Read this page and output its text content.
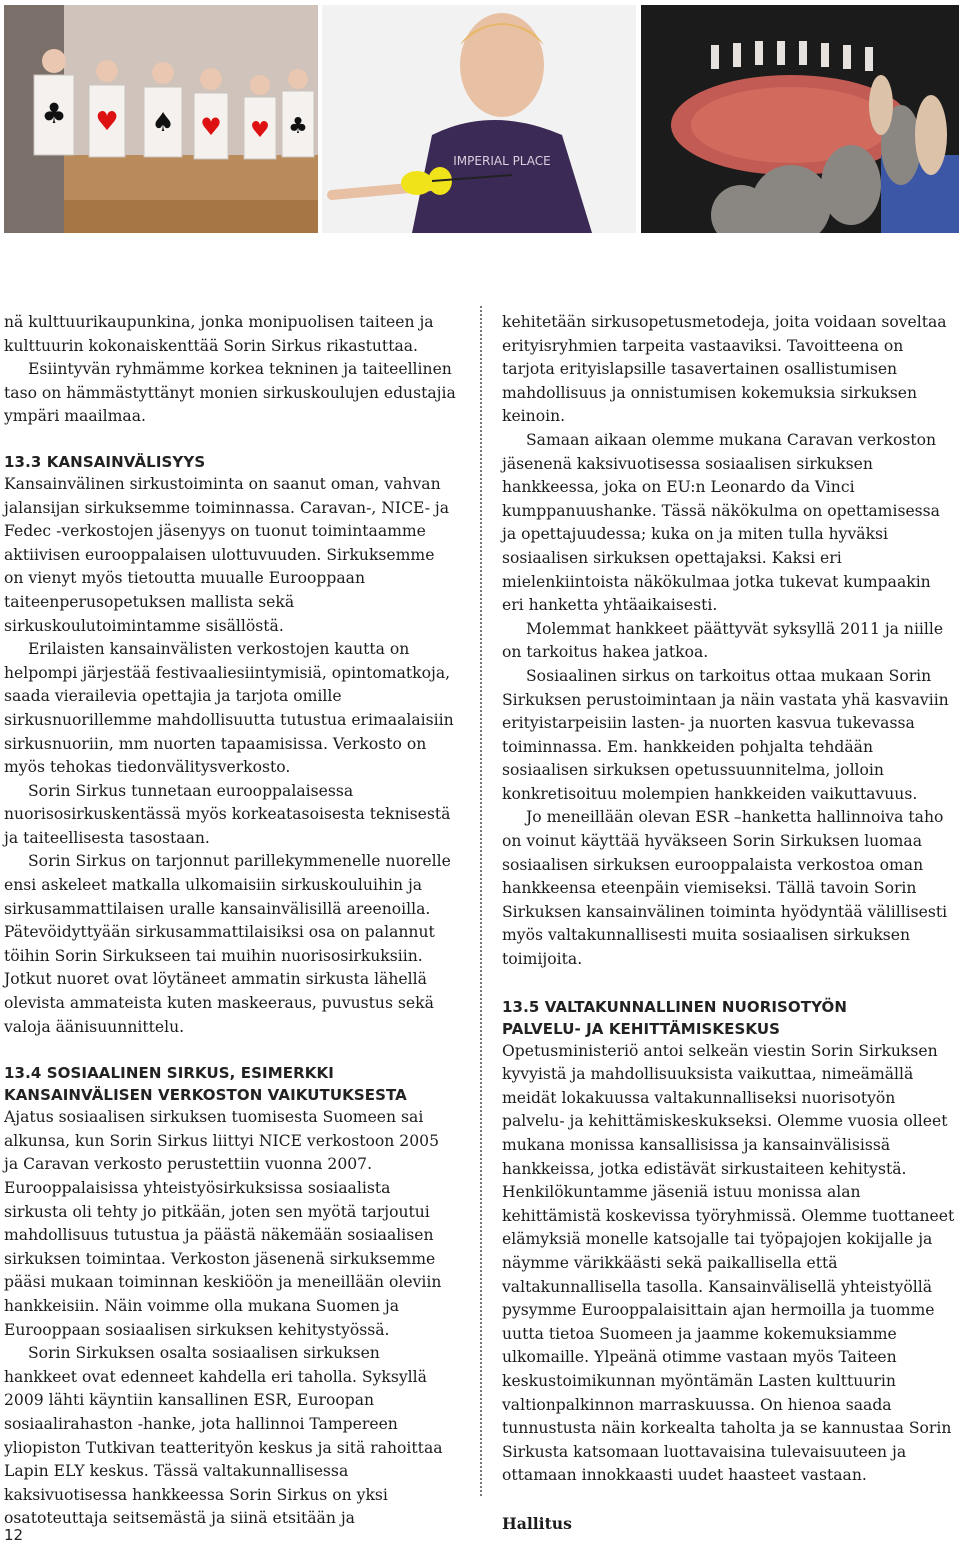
♣ ♥ ♠ ♥ ♥ ♣
IMPERIAL PLACE

nä kulttuurikaupunkina, jonka monipuolisen taiteen ja kulttuurin kokonaiskenttää Sorin Sirkus rikastuttaa.

Esiintyvän ryhmämme korkea tekninen ja taiteellinen taso on hämmästyttänyt monien sirkuskoulujen edustajia ympäri maailmaa.

13.3 KANSAINVÄLISYYS

Kansainvälinen sirkustoiminta on saanut oman, vahvan jalansijan sirkuksemme toiminnassa. Caravan-, NICE- ja Fedec -verkostojen jäsenyys on tuonut toimintaamme aktiivisen eurooppalaisen ulottuvuuden. Sirkuksemme on vienyt myös tietoutta muualle Eurooppaan taiteenperusopetuksen mallista sekä sirkuskoulutoimintamme sisällöstä.

Erilaisten kansainvälisten verkostojen kautta on helpompi järjestää festivaaliesiintymisiä, opintomatkoja, saada vierailevia opettajia ja tarjota omille sirkusnuorillemme mahdollisuutta tutustua erimaalaisiin sirkusnuoriin, mm nuorten tapaamisissa. Verkosto on myös tehokas tiedonvälitysverkosto.

Sorin Sirkus tunnetaan eurooppalaisessa nuorisosirkuskentässä myös korkeatasoisesta teknisestä ja taiteellisesta tasostaan.

Sorin Sirkus on tarjonnut parillekymmenelle nuorelle ensi askeleet matkalla ulkomaisiin sirkuskouluihin ja sirkusammattilaisen uralle kansainvälisillä areenoilla. Pätevöidyttyään sirkusammattilaisiksi osa on palannut töihin Sorin Sirkukseen tai muihin nuorisosirkuksiin. Jotkut nuoret ovat löytäneet ammatin sirkusta lähellä olevista ammateista kuten maskeeraus, puvustus sekä valoja äänisuunnittelu.

13.4 SOSIAALINEN SIRKUS, ESIMERKKI
KANSAINVÄLISEN VERKOSTON VAIKUTUKSESTA

Ajatus sosiaalisen sirkuksen tuomisesta Suomeen sai alkunsa, kun Sorin Sirkus liittyi NICE verkostoon 2005 ja Caravan verkosto perustettiin vuonna 2007. Eurooppalaisissa yhteistyösirkuksissa sosiaalista sirkusta oli tehty jo pitkään, joten sen myötä tarjoutui mahdollisuus tutustua ja päästä näkemään sosiaalisen sirkuksen toimintaa. Verkoston jäsenenä sirkuksemme pääsi mukaan toiminnan keskiöön ja meneillään oleviin hankkeisiin. Näin voimme olla mukana Suomen ja Eurooppaan sosiaalisen sirkuksen kehitystyössä.

Sorin Sirkuksen osalta sosiaalisen sirkuksen hankkeet ovat edenneet kahdella eri taholla. Syksyllä 2009 lähti käyntiin kansallinen ESR, Euroopan sosiaalirahaston -hanke, jota hallinnoi Tampereen yliopiston Tutkivan teatterityön keskus ja sitä rahoittaa Lapin ELY keskus. Tässä valtakunnallisessa kaksivuotisessa hankkeessa Sorin Sirkus on yksi osatoteuttaja seitsemästä ja siinä etsitään ja

kehitetään sirkusopetusmetodeja, joita voidaan soveltaa erityisryhmien tarpeita vastaaviksi. Tavoitteena on tarjota erityislapsille tasavertainen osallistumisen mahdollisuus ja onnistumisen kokemuksia sirkuksen keinoin.

Samaan aikaan olemme mukana Caravan verkoston jäsenenä kaksivuotisessa sosiaalisen sirkuksen hankkeessa, joka on EU:n Leonardo da Vinci kumppanuushanke. Tässä näkökulma on opettamisessa ja opettajuudessa; kuka on ja miten tulla hyväksi sosiaalisen sirkuksen opettajaksi. Kaksi eri mielenkiintoista näkökulmaa jotka tukevat kumpaakin eri hanketta yhtäaikaisesti.

Molemmat hankkeet päättyvät syksyllä 2011 ja niille on tarkoitus hakea jatkoa.

Sosiaalinen sirkus on tarkoitus ottaa mukaan Sorin Sirkuksen perustoimintaan ja näin vastata yhä kasvaviin erityistarpeisiin lasten- ja nuorten kasvua tukevassa toiminnassa. Em. hankkeiden pohjalta tehdään sosiaalisen sirkuksen opetussuunnitelma, jolloin konkretisoituu molempien hankkeiden vaikuttavuus.

Jo meneillään olevan ESR –hanketta hallinnoiva taho on voinut käyttää hyväkseen Sorin Sirkuksen luomaa sosiaalisen sirkuksen eurooppalaista verkostoa oman hankkeensa eteenpäin viemiseksi. Tällä tavoin Sorin Sirkuksen kansainvälinen toiminta hyödyntää välillisesti myös valtakunnallisesti muita sosiaalisen sirkuksen toimijoita.

13.5 VALTAKUNNALLINEN NUORISOTYÖN
PALVELU- JA KEHITTÄMISKESKUS

Opetusministeriö antoi selkeän viestin Sorin Sirkuksen kyvyistä ja mahdollisuuksista vaikuttaa, nimeämällä meidät lokakuussa valtakunnalliseksi nuorisotyön palvelu- ja kehittämiskeskukseksi. Olemme vuosia olleet mukana monissa kansallisissa ja kansainvälisissä hankkeissa, jotka edistävät sirkustaiteen kehitystä. Henkilökuntamme jäseniä istuu monissa alan kehittämistä koskevissa työryhmissä. Olemme tuottaneet elämyksiä monelle katsojalle tai työpajojen kokijalle ja näymme värikkäästi sekä paikallisella että valtakunnallisella tasolla. Kansainvälisellä yhteistyöllä pysymme Eurooppalaisittain ajan hermoilla ja tuomme uutta tietoa Suomeen ja jaamme kokemuksiamme ulkomaille. Ylpeänä otimme vastaan myös Taiteen keskustoimikunnan myöntämän Lasten kulttuurin valtionpalkinnon marraskuussa. On hienoa saada tunnustusta näin korkealta taholta ja se kannustaa Sorin Sirkusta katsomaan luottavaisina tulevaisuuteen ja ottamaan innokkaasti uudet haasteet vastaan.

Hallitus

12
